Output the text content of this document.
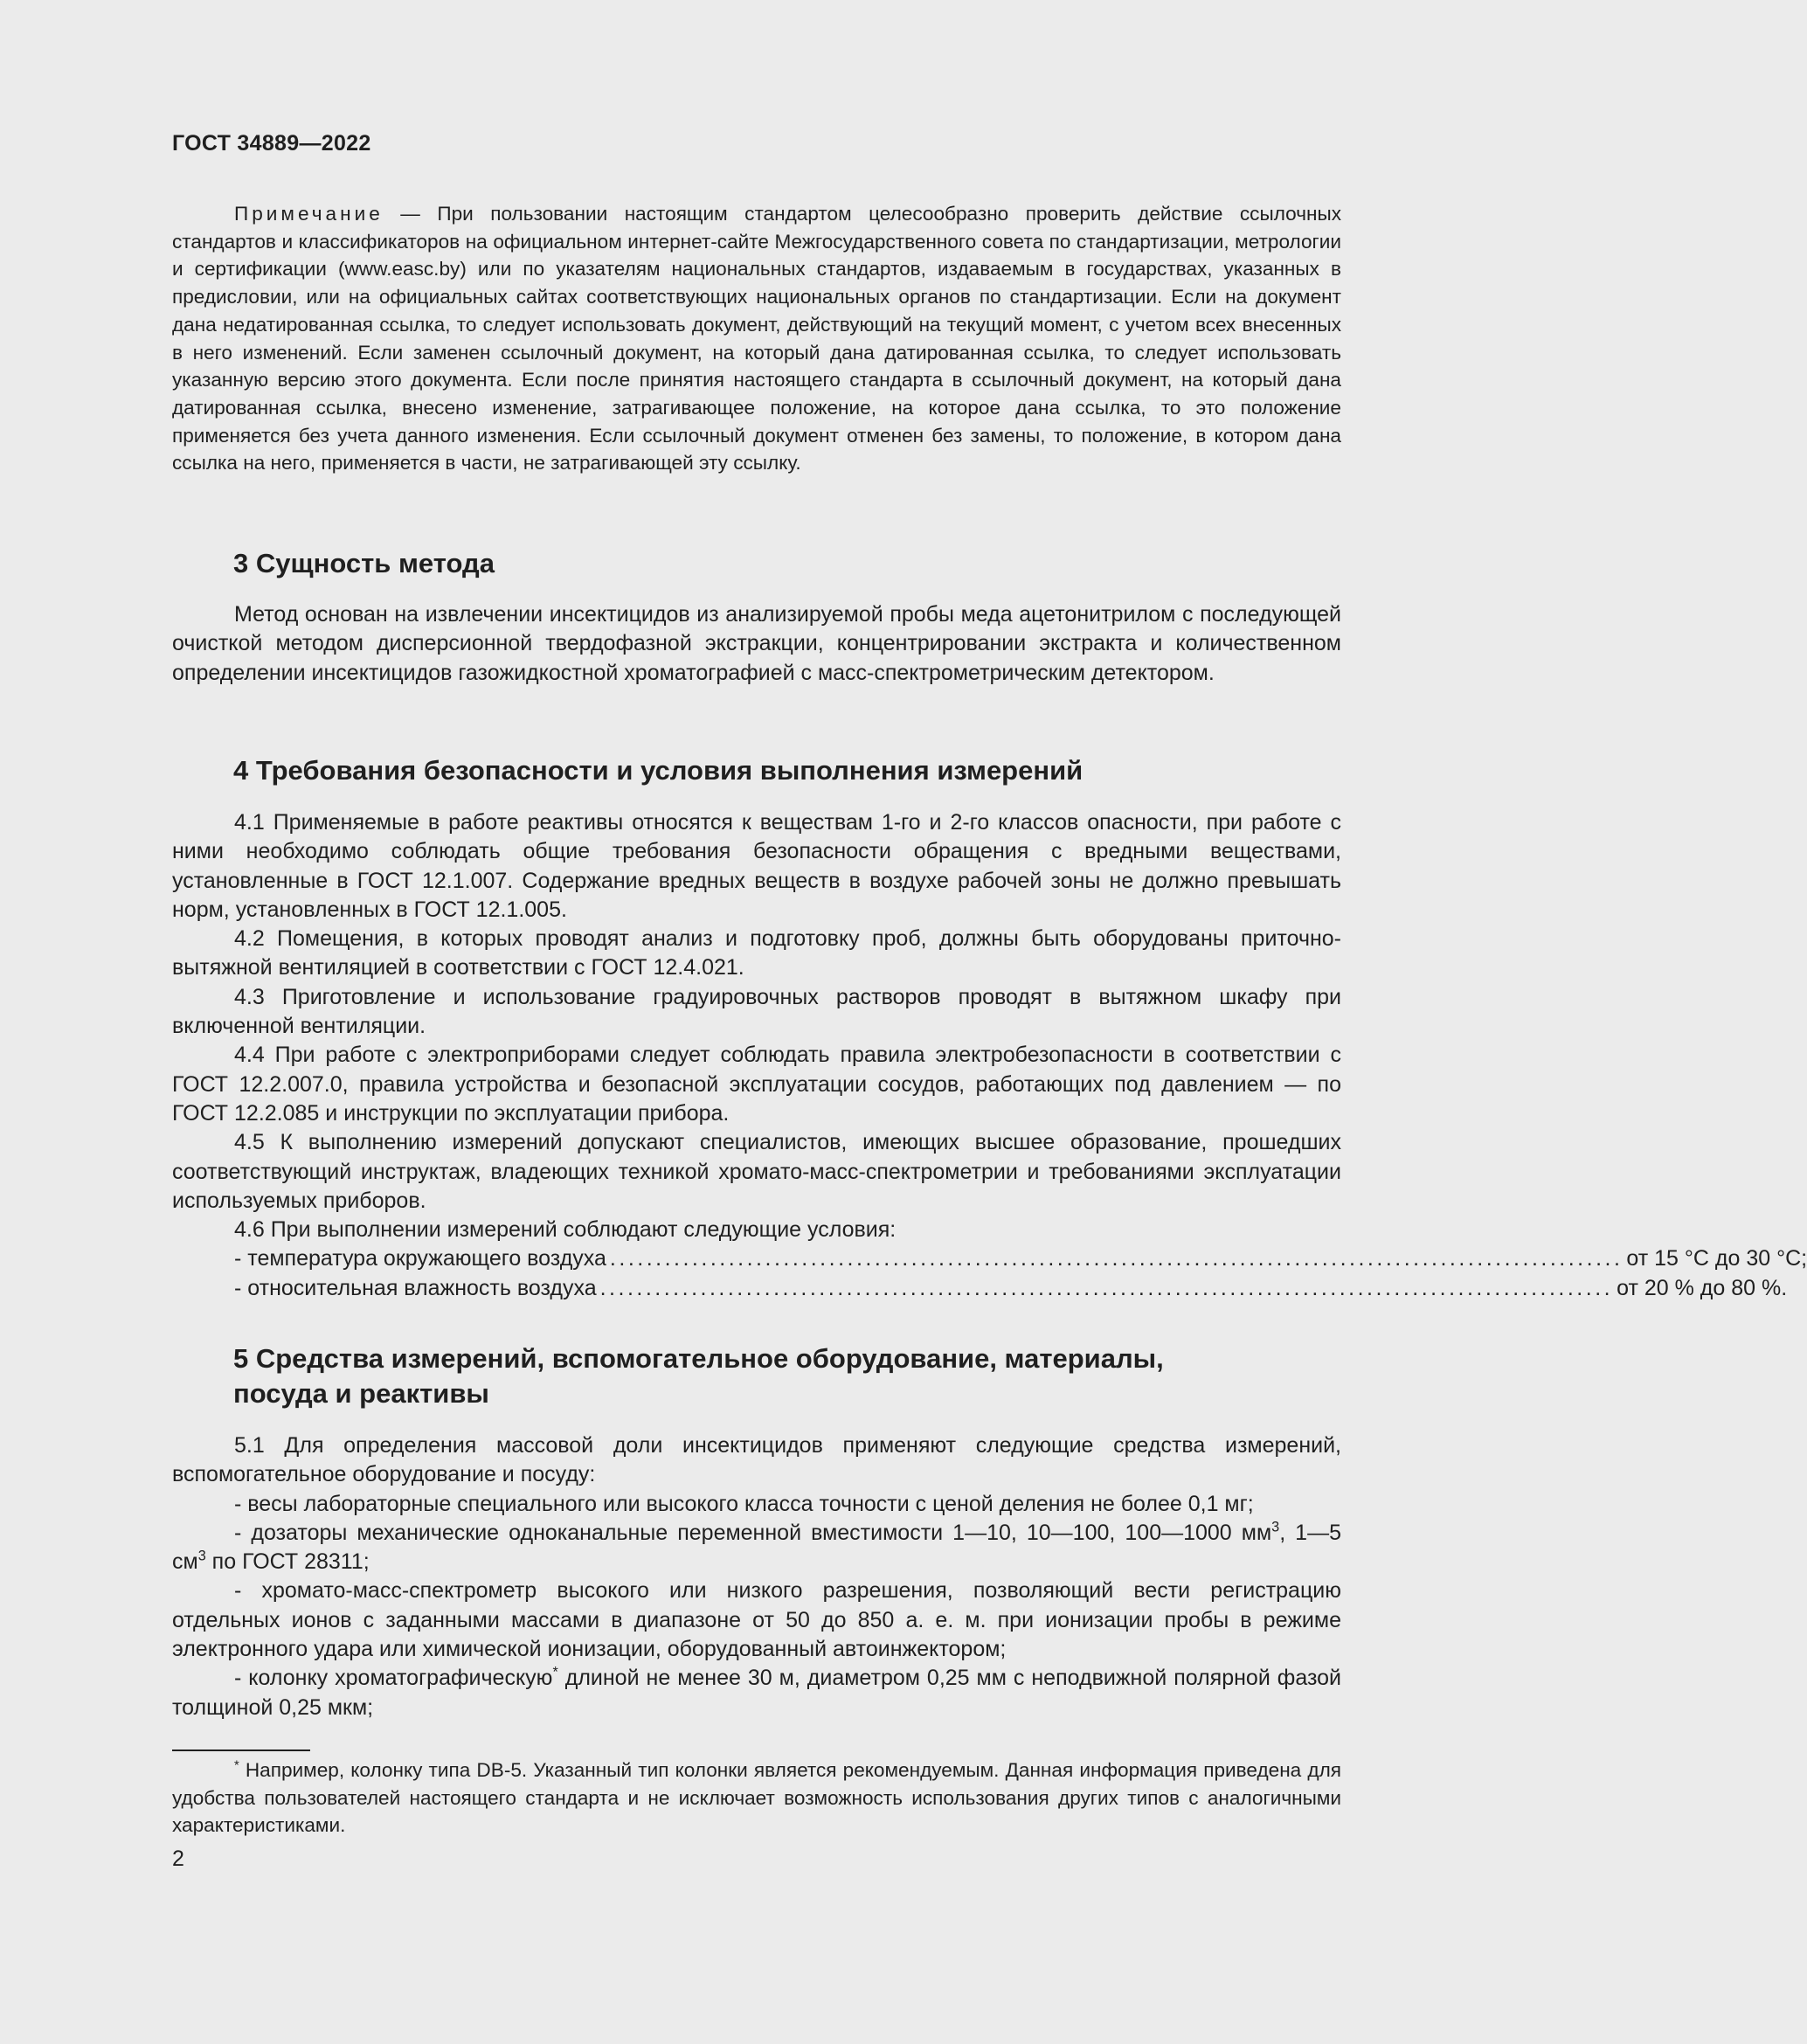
ГОСТ 34889—2022

Примечание — При пользовании настоящим стандартом целесообразно проверить действие ссылочных стандартов и классификаторов на официальном интернет-сайте Межгосударственного совета по стандартизации, метрологии и сертификации (www.easc.by) или по указателям национальных стандартов, издаваемым в государствах, указанных в предисловии, или на официальных сайтах соответствующих национальных органов по стандартизации. Если на документ дана недатированная ссылка, то следует использовать документ, действующий на текущий момент, с учетом всех внесенных в него изменений. Если заменен ссылочный документ, на который дана датированная ссылка, то следует использовать указанную версию этого документа. Если после принятия настоящего стандарта в ссылочный документ, на который дана датированная ссылка, внесено изменение, затрагивающее положение, на которое дана ссылка, то это положение применяется без учета данного изменения. Если ссылочный документ отменен без замены, то положение, в котором дана ссылка на него, применяется в части, не затрагивающей эту ссылку.

3 Сущность метода

Метод основан на извлечении инсектицидов из анализируемой пробы меда ацетонитрилом с последующей очисткой методом дисперсионной твердофазной экстракции, концентрировании экстракта и количественном определении инсектицидов газожидкостной хроматографией с масс-спектрометрическим детектором.

4 Требования безопасности и условия выполнения измерений

4.1 Применяемые в работе реактивы относятся к веществам 1-го и 2-го классов опасности, при работе с ними необходимо соблюдать общие требования безопасности обращения с вредными веществами, установленные в ГОСТ 12.1.007. Содержание вредных веществ в воздухе рабочей зоны не должно превышать норм, установленных в ГОСТ 12.1.005.

4.2 Помещения, в которых проводят анализ и подготовку проб, должны быть оборудованы приточно-вытяжной вентиляцией в соответствии с ГОСТ 12.4.021.

4.3 Приготовление и использование градуировочных растворов проводят в вытяжном шкафу при включенной вентиляции.

4.4 При работе с электроприборами следует соблюдать правила электробезопасности в соответствии с ГОСТ 12.2.007.0, правила устройства и безопасной эксплуатации сосудов, работающих под давлением — по ГОСТ 12.2.085 и инструкции по эксплуатации прибора.

4.5 К выполнению измерений допускают специалистов, имеющих высшее образование, прошедших соответствующий инструктаж, владеющих техникой хромато-масс-спектрометрии и требованиями эксплуатации используемых приборов.

4.6 При выполнении измерений соблюдают следующие условия:

- температура окружающего воздуха ............................................................................................................... от 15 °С до 30 °С;
- относительная влажность воздуха ............................................................................................................... от 20 % до 80 %.
5 Средства измерений, вспомогательное оборудование, материалы,
посуда и реактивы

5.1 Для определения массовой доли инсектицидов применяют следующие средства измерений, вспомогательное оборудование и посуду:

- весы лабораторные специального или высокого класса точности с ценой деления не более 0,1 мг;

- дозаторы механические одноканальные переменной вместимости 1—10, 10—100, 100—1000 $мм^3$, 1—5 $см^3$ по ГОСТ 28311;

- хромато-масс-спектрометр высокого или низкого разрешения, позволяющий вести регистрацию отдельных ионов с заданными массами в диапазоне от 50 до 850 а. е. м. при ионизации пробы в режиме электронного удара или химической ионизации, оборудованный автоинжектором;

- колонку хроматографическую* длиной не менее 30 м, диаметром 0,25 мм с неподвижной полярной фазой толщиной 0,25 мкм;

* Например, колонку типа DB-5. Указанный тип колонки является рекомендуемым. Данная информация приведена для удобства пользователей настоящего стандарта и не исключает возможность использования других типов с аналогичными характеристиками.

2
